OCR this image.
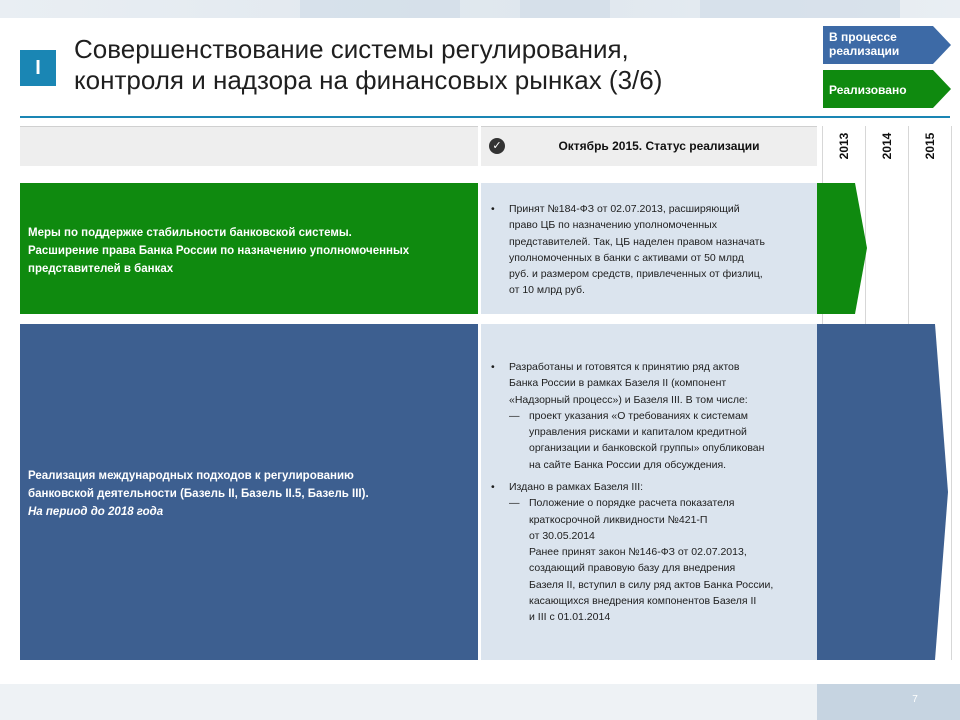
I
Совершенствование системы регулирования,
контроля и надзора на финансовых рынках (3/6)
В процессе
реализации
Реализовано
✓	Октябрь 2015. Статус реализации	2013 2014 2015
Меры по поддержке стабильности банковской системы.
Расширение права Банка России по назначению уполномоченных
представителей в банках
• Принят №184-ФЗ от 02.07.2013, расширяющий
право ЦБ по назначению уполномоченных
представителей. Так, ЦБ наделен правом назначать
уполномоченных в банки с активами от 50 млрд
руб. и размером средств, привлеченных от физлиц,
от 10 млрд руб.
Реализация международных подходов к регулированию
банковской деятельности (Базель II, Базель II.5, Базель III).
На период до 2018 года
• Разработаны и готовятся к принятию ряд актов
Банка России в рамках Базеля II (компонент
«Надзорный процесс») и Базеля III. В том числе:
— проект указания «О требованиях к системам
управления рисками и капиталом кредитной
организации и банковской группы» опубликован
на сайте Банка России для обсуждения.
• Издано в рамках Базеля III:
— Положение о порядке расчета показателя
краткосрочной ликвидности №421-П
от 30.05.2014
Ранее принят закон №146-ФЗ от 02.07.2013,
создающий правовую базу для внедрения
Базеля II, вступил в силу ряд актов Банка России,
касающихся внедрения компонентов Базеля II
и III с 01.01.2014
7
